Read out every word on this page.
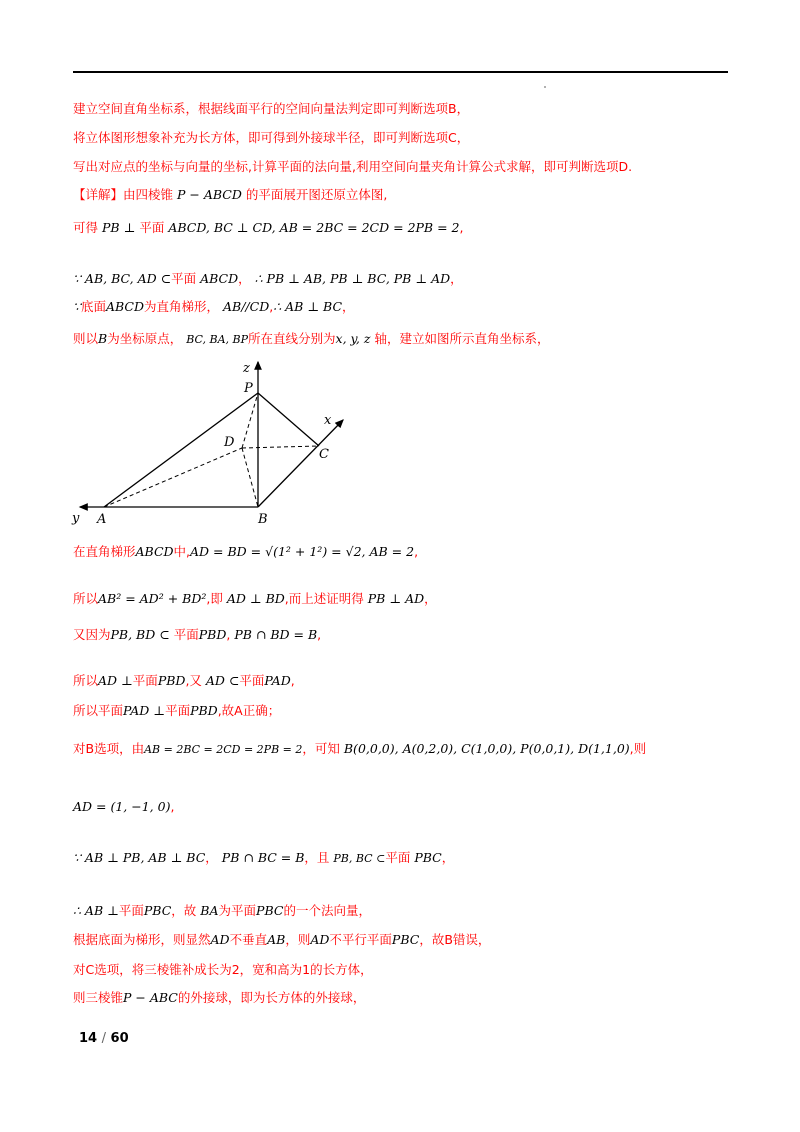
建立空间直角坐标系，根据线面平行的空间向量法判定即可判断选项B，
将立体图形想象补充为长方体，即可得到外接球半径，即可判断选项C，
写出对应点的坐标与向量的坐标,计算平面的法向量,利用空间向量夹角计算公式求解，即可判断选项D.
【详解】由四棱锥 P − ABCD 的平面展开图还原立体图,
可得 PB ⊥ 平面 ABCD, BC ⊥ CD, AB = 2BC = 2CD = 2PB = 2,
∵ AB, BC, AD ⊂平面 ABCD， ∴ PB ⊥ AB, PB ⊥ BC, PB ⊥ AD，
∵底面ABCD为直角梯形， AB//CD,∴ AB ⊥ BC，
则以B为坐标原点， BC, BA, BP所在直线分别为x, y, z 轴，建立如图所示直角坐标系，
z
x
y
P
D
C
A	B
在直角梯形ABCD中,AD = BD = √(1² + 1²) = √2, AB = 2,
所以AB² = AD² + BD²,即 AD ⊥ BD,而上述证明得 PB ⊥ AD，
又因为PB, BD ⊂ 平面PBD, PB ∩ BD = B,
所以AD ⊥平面PBD,又 AD ⊂平面PAD,
所以平面PAD ⊥平面PBD,故A正确；
对B选项，由AB = 2BC = 2CD = 2PB = 2，可知 B(0,0,0), A(0,2,0), C(1,0,0), P(0,0,1), D(1,1,0),则
AD = (1, −1, 0),
∵ AB ⊥ PB, AB ⊥ BC， PB ∩ BC = B，且 PB, BC ⊂平面 PBC，
∴ AB ⊥平面PBC，故 BA为平面PBC的一个法向量，
根据底面为梯形，则显然AD不垂直AB，则AD不平行平面PBC，故B错误，
对C选项，将三棱锥补成长为2，宽和高为1的长方体，
则三棱锥P − ABC的外接球，即为长方体的外接球，
14 / 60
